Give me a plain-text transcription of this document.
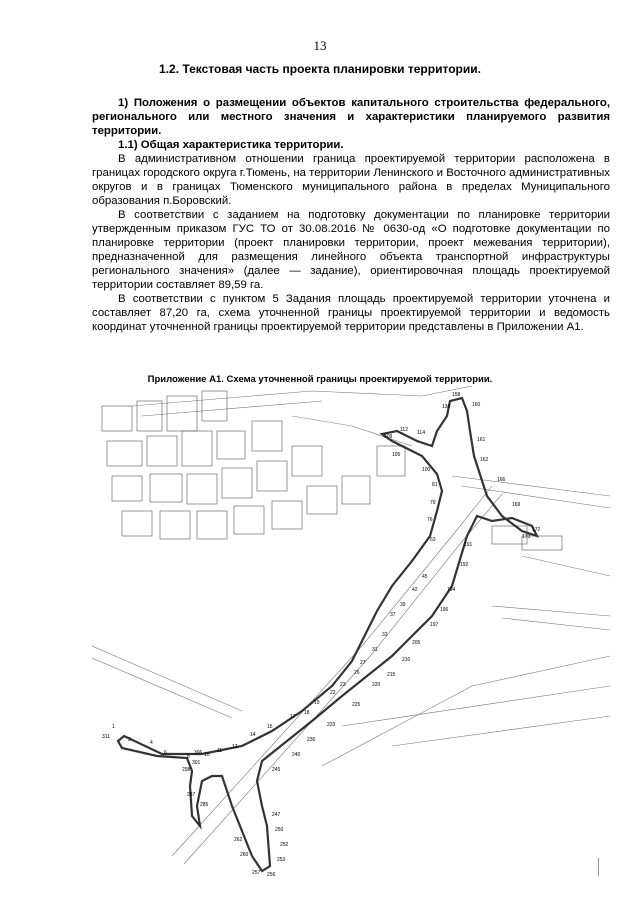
13
1.2. Текстовая часть проекта планировки территории.

1) Положения о размещении объектов капитального строительства федерального, регионального или местного значения и характеристики планируемого развития территории.

1.1) Общая характеристика территории.

В административном отношении граница проектируемой территории расположена в границах городского округа г.Тюмень, на территории Ленинского и Восточного административных округов и в границах Тюменского муниципального района в пределах Муниципального образования п.Боровский.

В соответствии с заданием на подготовку документации по планировке территории утвержденным приказом ГУС ТО от 30.08.2016 № 0630-од «О подготовке документации по планировке территории (проект планировки территории, проект межевания территории), предназначенной для размещения линейного объекта транспортной инфраструктуры регионального значения» (далее — задание), ориентировочная площадь проектируемой территории составляет 89,59 га.

В соответствии с пунктом 5 Задания площадь проектируемой территории уточнена и составляет 87,20 га, схема уточненной границы проектируемой территории и ведомость координат уточненной границы проектируемой территории представлены в Приложении А1.

Приложение А1. Схема уточненной границы проектируемой территории.
1
311	3	4
6
8	10
11
12
14
15
17
18
19
22
23
26
27
31
33
37
39
42
45
63
76
79
81
100
105
109
112 114
136
158
160
161
162
166
169
172
173
191
192
194
196
197
205
210
215
220
225
233
236
240
245
247
250
252
253
256
257
260
262
285
287
298
301
306
